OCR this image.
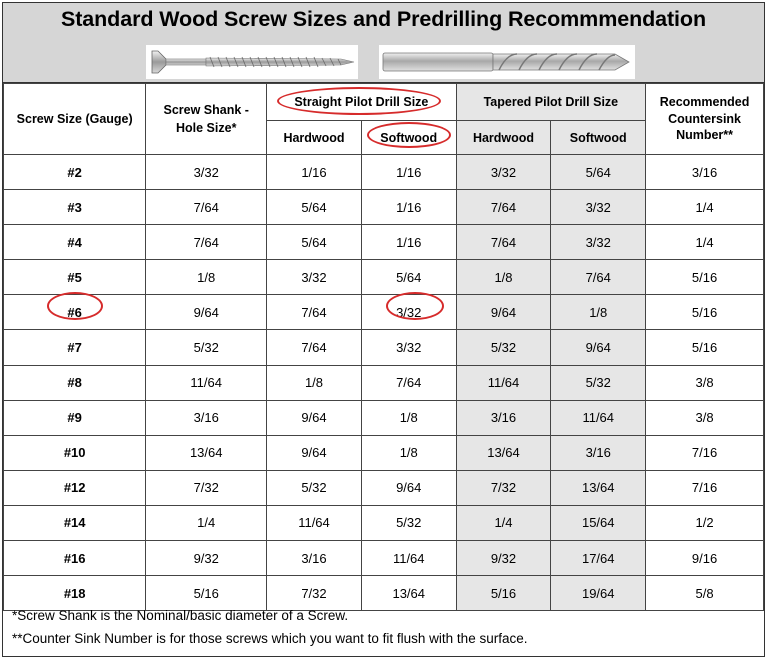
Standard Wood Screw Sizes and Predrilling Recommmendation
Screw Size (Gauge)	Screw Shank - Hole Size*	Straight Pilot Drill Size		Tapered Pilot Drill Size		Recommended Countersink Number**
		Hardwood	Softwood	Hardwood	Softwood	
#2	3/32	1/16	1/16	3/32	5/64	3/16
#3	7/64	5/64	1/16	7/64	3/32	1/4
#4	7/64	5/64	1/16	7/64	3/32	1/4
#5	1/8	3/32	5/64	1/8	7/64	5/16
#6	9/64	7/64	3/32	9/64	1/8	5/16
#7	5/32	7/64	3/32	5/32	9/64	5/16
#8	11/64	1/8	7/64	11/64	5/32	3/8
#9	3/16	9/64	1/8	3/16	11/64	3/8
#10	13/64	9/64	1/8	13/64	3/16	7/16
#12	7/32	5/32	9/64	7/32	13/64	7/16
#14	1/4	11/64	5/32	1/4	15/64	1/2
#16	9/32	3/16	11/64	9/32	17/64	9/16
#18	5/16	7/32	13/64	5/16	19/64	5/8
*Screw Shank is the Nominal/basic diameter of a Screw.
**Counter Sink Number is for those screws which you want to fit flush with the surface.
